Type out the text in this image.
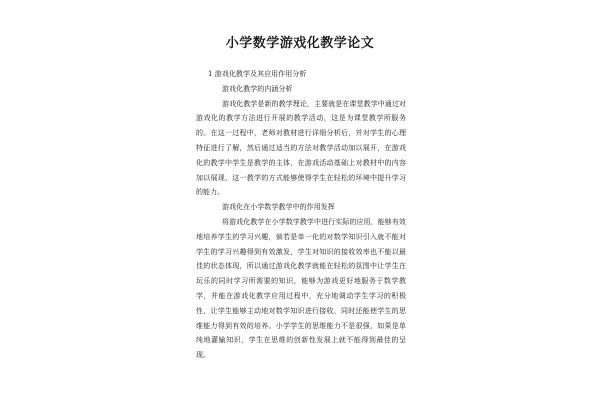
小学数学游戏化教学论文
1 游戏化教学及其应用作用分析
游戏化教学的内涵分析

游戏化教学是新的教学理论，主要就是在课堂教学中通过对游戏化的教学方法进行开展的教学活动，这是为课堂教学所服务的。在这一过程中，老师对教材进行详细分析后，并对学生的心理特征进行了解，然后通过适当的方法对教学活动加以展开，在游戏化的教学中学生是教学的主体，在游戏活动基础上对教材中的内容加以展现，这一教学的方式能够使得学生在轻松的环境中提升学习的能力。

游戏化在小学数学教学中的作用发挥

将游戏化教学在小学数学教学中进行实际的应用，能够有效地培养学生的学习兴趣，倘若是单一化的对数学知识引入就不能对学生的学习兴趣得到有效激发，学生对知识的接收效率也不能以最佳的状态体现，所以通过游戏化教学就能在轻松的氛围中让学生在玩乐的同时学习所需要的知识，能够为游戏更好地服务于数学教学，并能在游戏化教学应用过程中，充分地调动学生学习的积极性，让学生能够主动地对数学知识进行接收，同时还能使学生的思维能力得到有效的培养。小学学生的思维能力不是很强，如果是单纯地灌输知识，学生在思维的创新性发展上就不能得到最佳的呈现。
